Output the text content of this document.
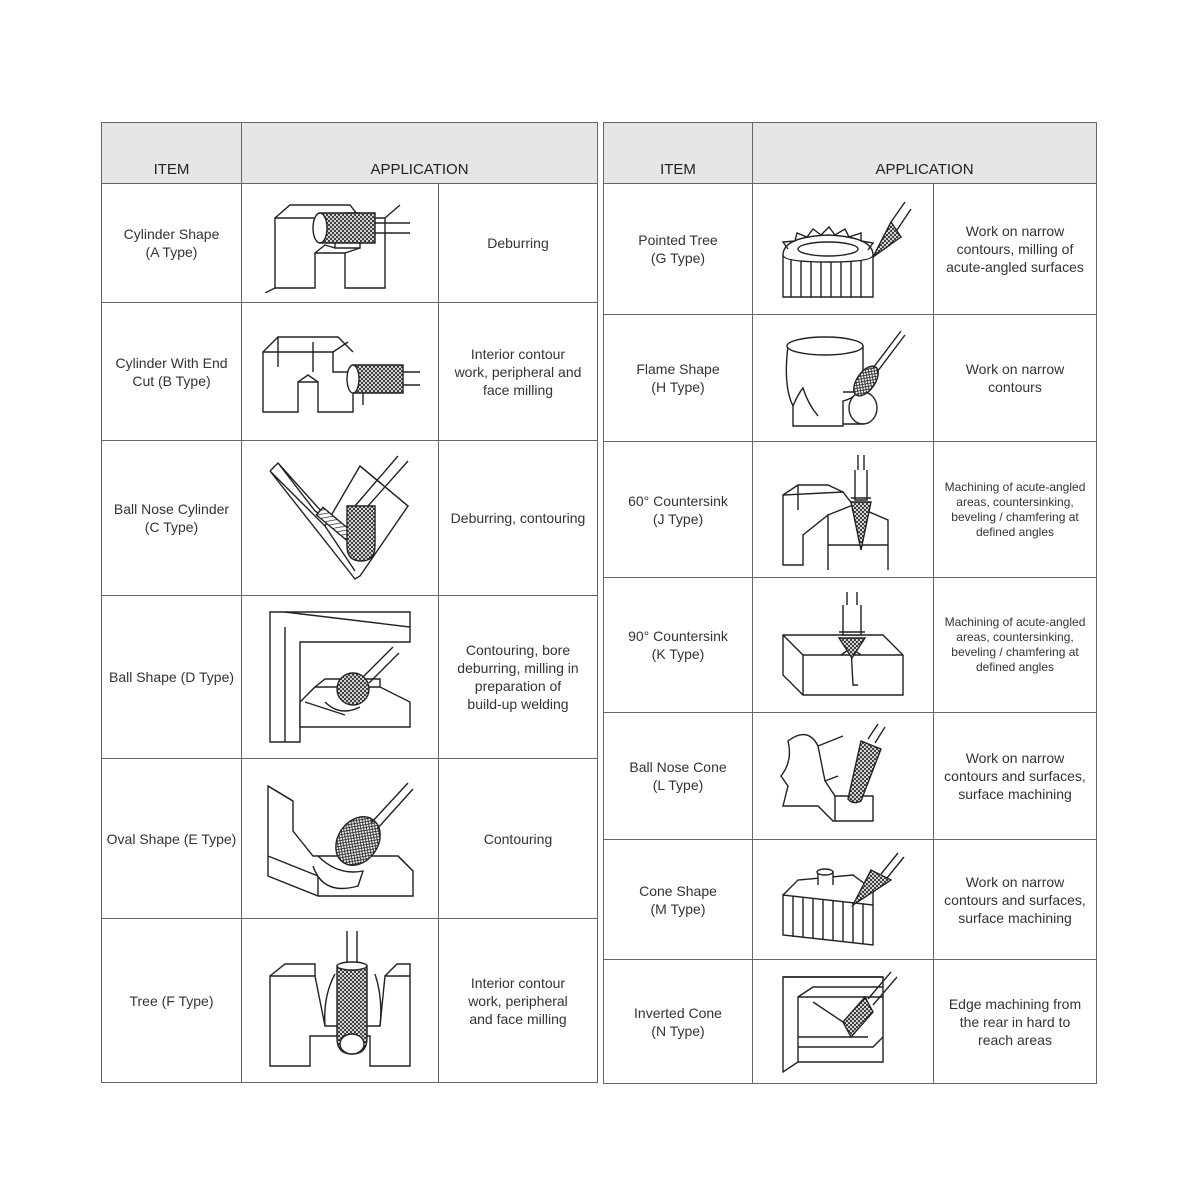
ITEM	APPLICATION	

Cylinder Shape
(A Type)		Deburring

Cylinder With End
Cut (B Type)		Interior contour
work, peripheral and
face milling

Ball Nose Cylinder
(C Type)		Deburring, contouring

Ball Shape (D Type)		Contouring, bore
deburring, milling in
preparation of
build-up welding

Oval Shape (E Type)		Contouring

Tree (F Type)		Interior contour
work, peripheral
and face milling
ITEM	APPLICATION	

Pointed Tree
(G Type)		Work on narrow
contours, milling of
acute-angled surfaces

Flame Shape
(H Type)		Work on narrow
contours

60° Countersink
(J Type)		Machining of acute-angled
areas, countersinking,
beveling / chamfering at
defined angles

90° Countersink
(K Type)		Machining of acute-angled
areas, countersinking,
beveling / chamfering at
defined angles

Ball Nose Cone
(L Type)		Work on narrow
contours and surfaces,
surface machining

Cone Shape
(M Type)		Work on narrow
contours and surfaces,
surface machining

Inverted Cone
(N Type)		Edge machining from
the rear in hard to
reach areas
